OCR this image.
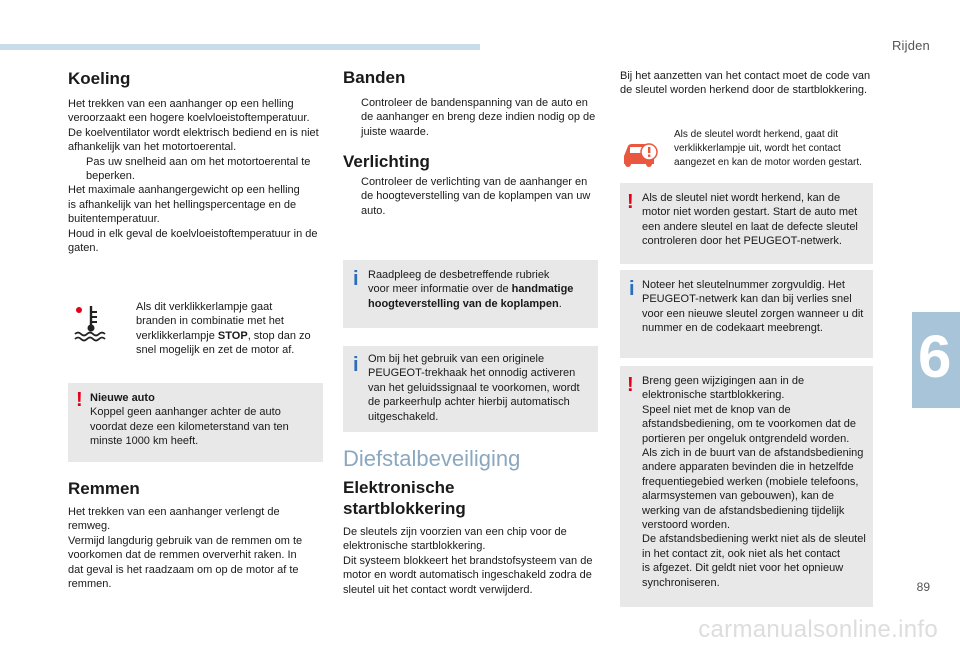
Rijden
6
Koeling
Het trekken van een aanhanger op een helling
veroorzaakt een hogere koelvloeistoftemperatuur.
De koelventilator wordt elektrisch bediend en is niet
afhankelijk van het motortoerental.
Pas uw snelheid aan om het motortoerental te
beperken.
Het maximale aanhangergewicht op een helling
is afhankelijk van het hellingspercentage en de
buitentemperatuur.
Houd in elk geval de koelvloeistoftemperatuur in de
gaten.
Als dit verklikkerlampje gaat
branden in combinatie met het
verklikkerlampje STOP, stop dan zo
snel mogelijk en zet de motor af.
! Nieuwe auto
Koppel geen aanhanger achter de auto
voordat deze een kilometerstand van ten
minste 1000 km heeft.
Remmen
Het trekken van een aanhanger verlengt de
remweg.
Vermijd langdurig gebruik van de remmen om te
voorkomen dat de remmen oververhit raken. In
dat geval is het raadzaam om op de motor af te
remmen.
Banden
Controleer de bandenspanning van de auto en
de aanhanger en breng deze indien nodig op de
juiste waarde.
Verlichting
Controleer de verlichting van de aanhanger en
de hoogteverstelling van de koplampen van uw
auto.
i Raadpleeg de desbetreffende rubriek
voor meer informatie over de handmatige
hoogteverstelling van de koplampen.
i Om bij het gebruik van een originele
PEUGEOT-trekhaak het onnodig activeren
van het geluidssignaal te voorkomen, wordt
de parkeerhulp achter hierbij automatisch
uitgeschakeld.
Diefstalbeveiliging
Elektronische
startblokkering
De sleutels zijn voorzien van een chip voor de
elektronische startblokkering.
Dit systeem blokkeert het brandstofsysteem van de
motor en wordt automatisch ingeschakeld zodra de
sleutel uit het contact wordt verwijderd.
Bij het aanzetten van het contact moet de code van
de sleutel worden herkend door de startblokkering.
Als de sleutel wordt herkend, gaat dit
verklikkerlampje uit, wordt het contact
aangezet en kan de motor worden gestart.
! Als de sleutel niet wordt herkend, kan de
motor niet worden gestart. Start de auto met
een andere sleutel en laat de defecte sleutel
controleren door het PEUGEOT-netwerk.
i Noteer het sleutelnummer zorgvuldig. Het
PEUGEOT-netwerk kan dan bij verlies snel
voor een nieuwe sleutel zorgen wanneer u dit
nummer en de codekaart meebrengt.
! Breng geen wijzigingen aan in de
elektronische startblokkering.
Speel niet met de knop van de
afstandsbediening, om te voorkomen dat de
portieren per ongeluk ontgrendeld worden.
Als zich in de buurt van de afstandsbediening
andere apparaten bevinden die in hetzelfde
frequentiegebied werken (mobiele telefoons,
alarmsystemen van gebouwen), kan de
werking van de afstandsbediening tijdelijk
verstoord worden.
De afstandsbediening werkt niet als de sleutel
in het contact zit, ook niet als het contact
is afgezet. Dit geldt niet voor het opnieuw
synchroniseren.	89
carmanualsonline.info
